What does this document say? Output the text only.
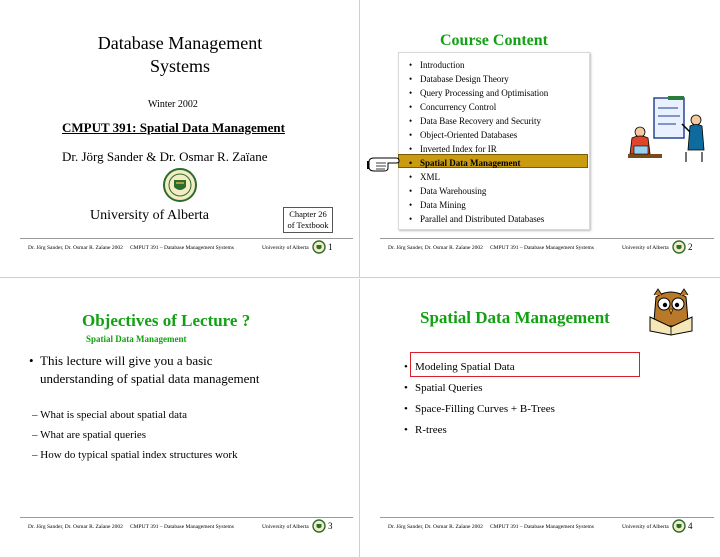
Database Management
Systems
Winter 2002
CMPUT 391: Spatial Data Management
Dr. Jörg Sander & Dr. Osmar R. Zaïane
University of Alberta	Chapter 26
of Textbook
Dr. Jörg Sander, Dr. Osmar R. Zaïane 2002 CMPUT 391 – Database Management Systems	University of Alberta 1
Course Content
• Introduction
• Database Design Theory
• Query Processing and Optimisation
• Concurrency Control
• Data Base Recovery and Security
• Object-Oriented Databases
• Inverted Index for IR
• Spatial Data Management
• XML
• Data Warehousing
• Data Mining
• Parallel and Distributed Databases
Dr. Jörg Sander, Dr. Osmar R. Zaïane 2002 CMPUT 391 – Database Management Systems	University of Alberta 2
Objectives of Lecture ?
Spatial Data Management
• This lecture will give you a basic
understanding of spatial data management
– What is special about spatial data
– What are spatial queries
– How do typical spatial index structures work
Dr. Jörg Sander, Dr. Osmar R. Zaïane 2002 CMPUT 391 – Database Management Systems	University of Alberta 3
Spatial Data Management
• Modeling Spatial Data
• Spatial Queries
• Space-Filling Curves + B-Trees
• R-trees
Dr. Jörg Sander, Dr. Osmar R. Zaïane 2002 CMPUT 391 – Database Management Systems	University of Alberta 4
